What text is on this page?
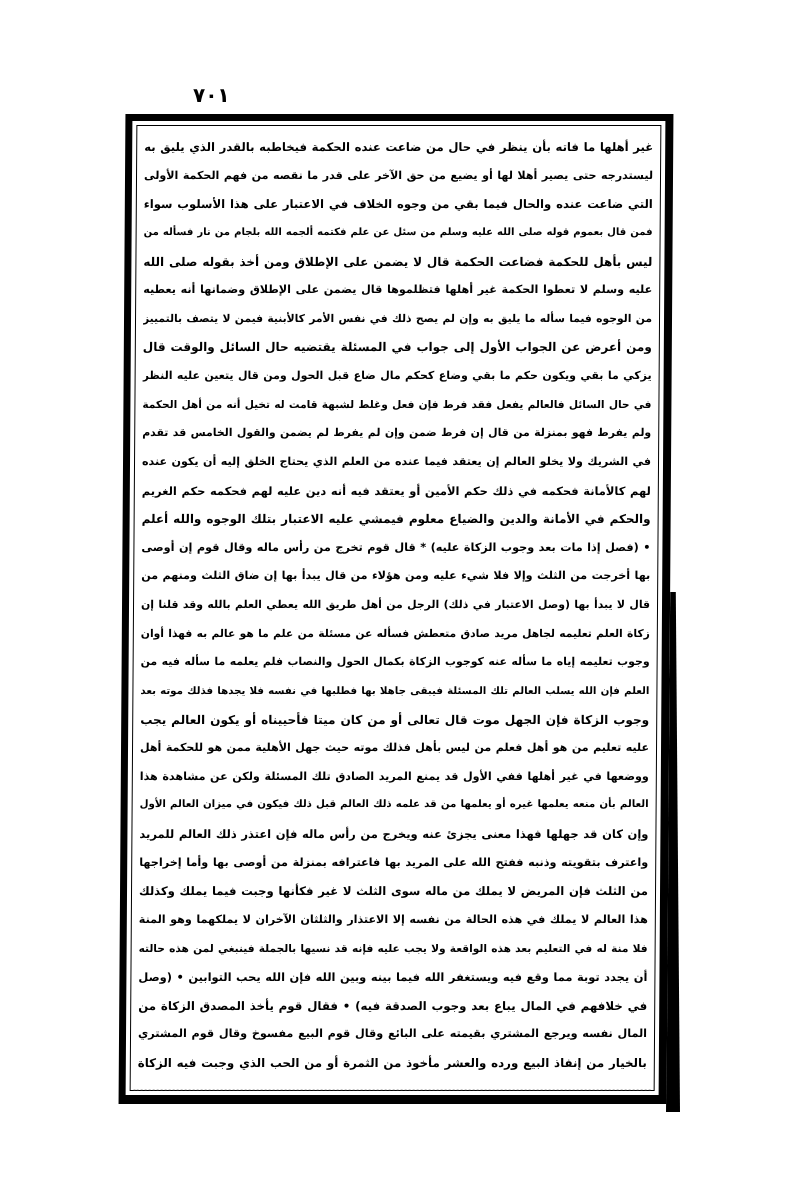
٧٠١
غير أهلها ما فاته بأن ينظر في حال من ضاعت عنده الحكمة فيخاطبه بالقدر الذي يليق به
ليستدرجه حتى يصير أهلا لها أو يضيع من حق الآخر على قدر ما نقصه من فهم الحكمة الأولى
التي ضاعت عنده والحال فيما بقي من وجوه الخلاف في الاعتبار على هذا الأسلوب سواء
فمن قال بعموم قوله صلى الله عليه وسلم من سئل عن علم فكتمه ألجمه الله بلجام من نار فسأله من
ليس بأهل للحكمة فضاعت الحكمة قال لا يضمن على الإطلاق ومن أخذ بقوله صلى الله
عليه وسلم لا تعطوا الحكمة غير أهلها فتظلموها قال يضمن على الإطلاق وضمانها أنه يعطيه
من الوجوه فيما سأله ما يليق به وإن لم يصح ذلك في نفس الأمر كالأبنية فيمن لا يتصف بالتمييز
ومن أعرض عن الجواب الأول إلى جواب في المسئلة يقتضيه حال السائل والوقت قال
يزكي ما بقي ويكون حكم ما بقي وضاع كحكم مال ضاع قبل الحول ومن قال يتعين عليه النظر
في حال السائل فالعالم يفعل فقد فرط فإن فعل وغلط لشبهة قامت له تخيل أنه من أهل الحكمة
ولم يفرط فهو بمنزلة من قال إن فرط ضمن وإن لم يفرط لم يضمن والقول الخامس قد تقدم
في الشريك ولا يخلو العالم إن يعتقد فيما عنده من العلم الذي يحتاج الخلق إليه أن يكون عنده
لهم كالأمانة فحكمه في ذلك حكم الأمين أو يعتقد فيه أنه دين عليه لهم فحكمه حكم الغريم
والحكم في الأمانة والدين والضياع معلوم فيمشي عليه الاعتبار بتلك الوجوه والله أعلم
• (فصل إذا مات بعد وجوب الزكاة عليه) * قال قوم تخرج من رأس ماله وقال قوم إن أوصى
بها أخرجت من الثلث وإلا فلا شيء عليه ومن هؤلاء من قال يبدأ بها إن ضاق الثلث ومنهم من
قال لا يبدأ بها (وصل الاعتبار في ذلك) الرجل من أهل طريق الله يعطي العلم بالله وقد قلنا إن
زكاة العلم تعليمه لجاهل مريد صادق متعطش فسأله عن مسئلة من علم ما هو عالم به فهذا أوان
وجوب تعليمه إياه ما سأله عنه كوجوب الزكاة بكمال الحول والنصاب فلم يعلمه ما سأله فيه من
العلم فإن الله يسلب العالم تلك المسئلة فيبقى جاهلا بها فطلبها في نفسه فلا يجدها فذلك موته بعد
وجوب الزكاة فإن الجهل موت قال تعالى أو من كان ميتا فأحييناه أو يكون العالم يجب
عليه تعليم من هو أهل فعلم من ليس بأهل فذلك موته حيث جهل الأهلية ممن هو للحكمة أهل
ووضعها في غير أهلها ففي الأول قد يمنع المريد الصادق تلك المسئلة ولكن عن مشاهدة هذا
العالم بأن منعه يعلمها غيره أو يعلمها من قد علمه ذلك العالم قبل ذلك فيكون في ميزان العالم الأول
وإن كان قد جهلها فهذا معنى يجزئ عنه ويخرج من رأس ماله فإن اعتذر ذلك العالم للمريد
واعترف بتقويته وذنبه ففتح الله على المريد بها فاعترافه بمنزلة من أوصى بها وأما إخراجها
من الثلث فإن المريض لا يملك من ماله سوى الثلث لا غير فكأنها وجبت فيما يملك وكذلك
هذا العالم لا يملك في هذه الحالة من نفسه إلا الاعتذار والثلثان الآخران لا يملكهما وهو المنة
فلا منة له في التعليم بعد هذه الواقعة ولا يجب عليه فإنه قد نسيها بالجملة فينبغي لمن هذه حالته
أن يجدد توبة مما وقع فيه ويستغفر الله فيما بينه وبين الله فإن الله يحب التوابين • (وصل
في خلافهم في المال يباع بعد وجوب الصدقة فيه) • فقال قوم يأخذ المصدق الزكاة من
المال نفسه ويرجع المشتري بقيمته على البائع وقال قوم البيع مفسوخ وقال قوم المشتري
بالخيار من إنفاذ البيع ورده والعشر مأخوذ من الثمرة أو من الحب الذي وجبت فيه الزكاة
